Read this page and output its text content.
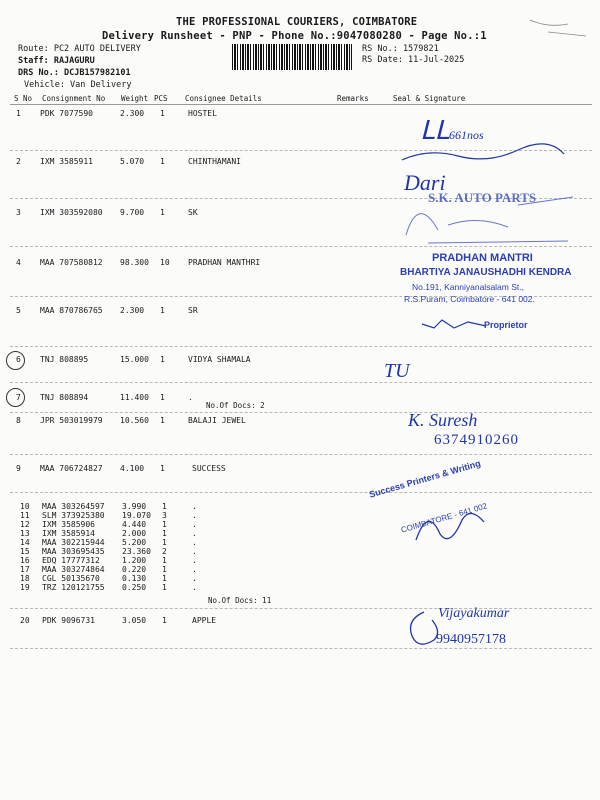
THE PROFESSIONAL COURIERS, COIMBATORE
Delivery Runsheet - PNP - Phone No.:9047080280 - Page No.:1
Route: PC2 AUTO DELIVERY
Staff: RAJAGURU
DRS No.: DCJB157982101
Vehicle: Van Delivery
RS No.: 1579821
RS Date: 11-Jul-2025
S No Consignment No Weight PCS Consignee Details	Remarks	Seal & Signature
1 PDK 7077590	2.300 1	HOSTEL
2 IXM 3585911	5.070 1	CHINTHAMANI
3 IXM 303592080 9.700 1	SK
4 MAA 707580812 98.300 10 PRADHAN MANTHRI
5 MAA 870786765 2.300 1	SR
6 TNJ 808895	15.000 1	VIDYA SHAMALA
7 TNJ 808894	11.400 1	.
No.Of Docs: 2
8 JPR 503019979 10.560 1	BALAJI JEWEL
9 MAA 706724827 4.100 1	SUCCESS
10 MAA 303264597 3.990 1	.
11 SLM 373925380 19.070 3	.
12 IXM 3585906	4.440 1	.
13 IXM 3585914	2.000 1	.
14 MAA 302215944 5.200 1	.
15 MAA 303695435 23.360 2	.
16 EDQ 17777312	1.200 1	.
17 MAA 303274864 0.220 1	.
18 CGL 50135670	0.130 1	.
19 TRZ 120121755 0.250 1	.
No.Of Docs: 11
20 PDK 9096731	3.050 1	APPLE
ᒪᒪ661nos
Dari
S.K. AUTO PARTS
PRADHAN MANTRI
BHARTIYA JANAUSHADHI KENDRA
No.191, Kanniyanalsalam St.,
R.S.Puram, Coimbatore - 641 002.
Proprietor
TU
K. Suresh
6374910260
Success Printers & Writing
COIMBATORE - 641 002
Vijayakumar
9940957178
